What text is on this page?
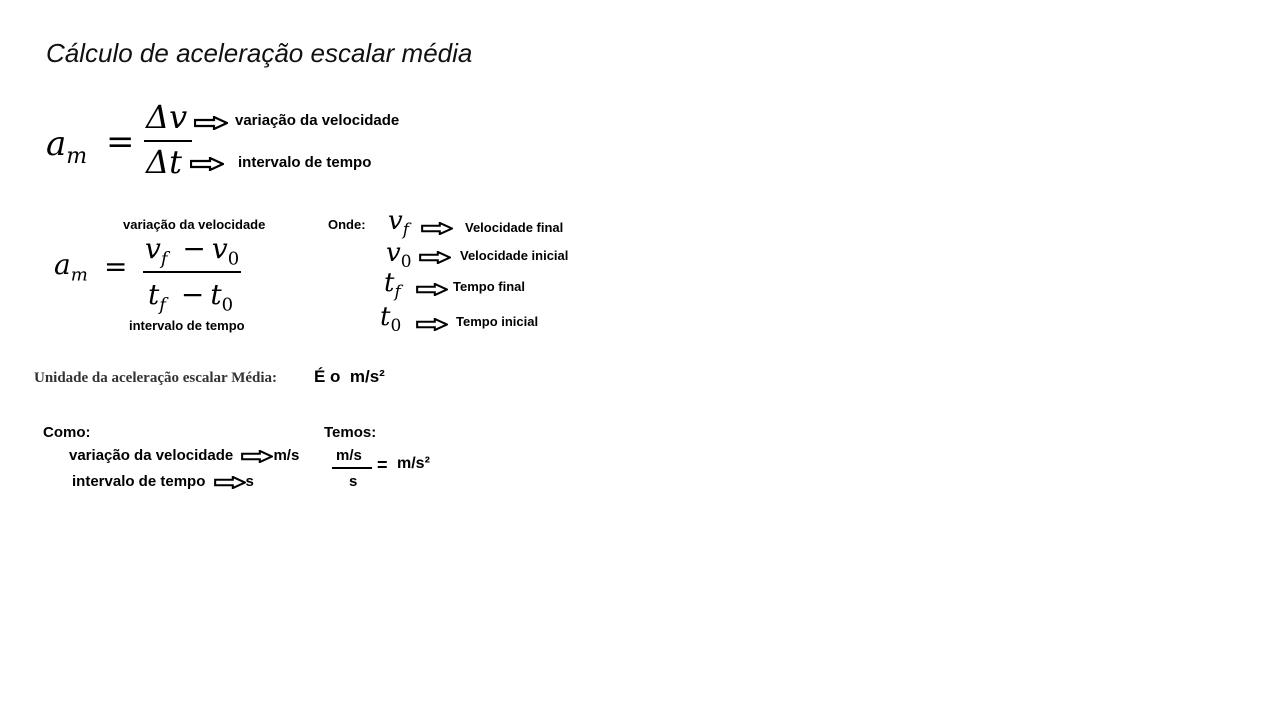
Cálculo de aceleração escalar média
$a_m$ =
Δv
Δt
variação da velocidade
intervalo de tempo
variação da velocidade
$a_m$ =
$v_f - v_0$
$t_f - t_0$
intervalo de tempo
Onde: $v_f$	Velocidade final
$v_0$	Velocidade inicial
$t_f$	Tempo final
$t_0$	Tempo inicial
Unidade da aceleração escalar Média: É o  m/s²
Como:
variação da velocidade	m/s
intervalo de tempo	s
Temos:
m/s
s
= m/s²
